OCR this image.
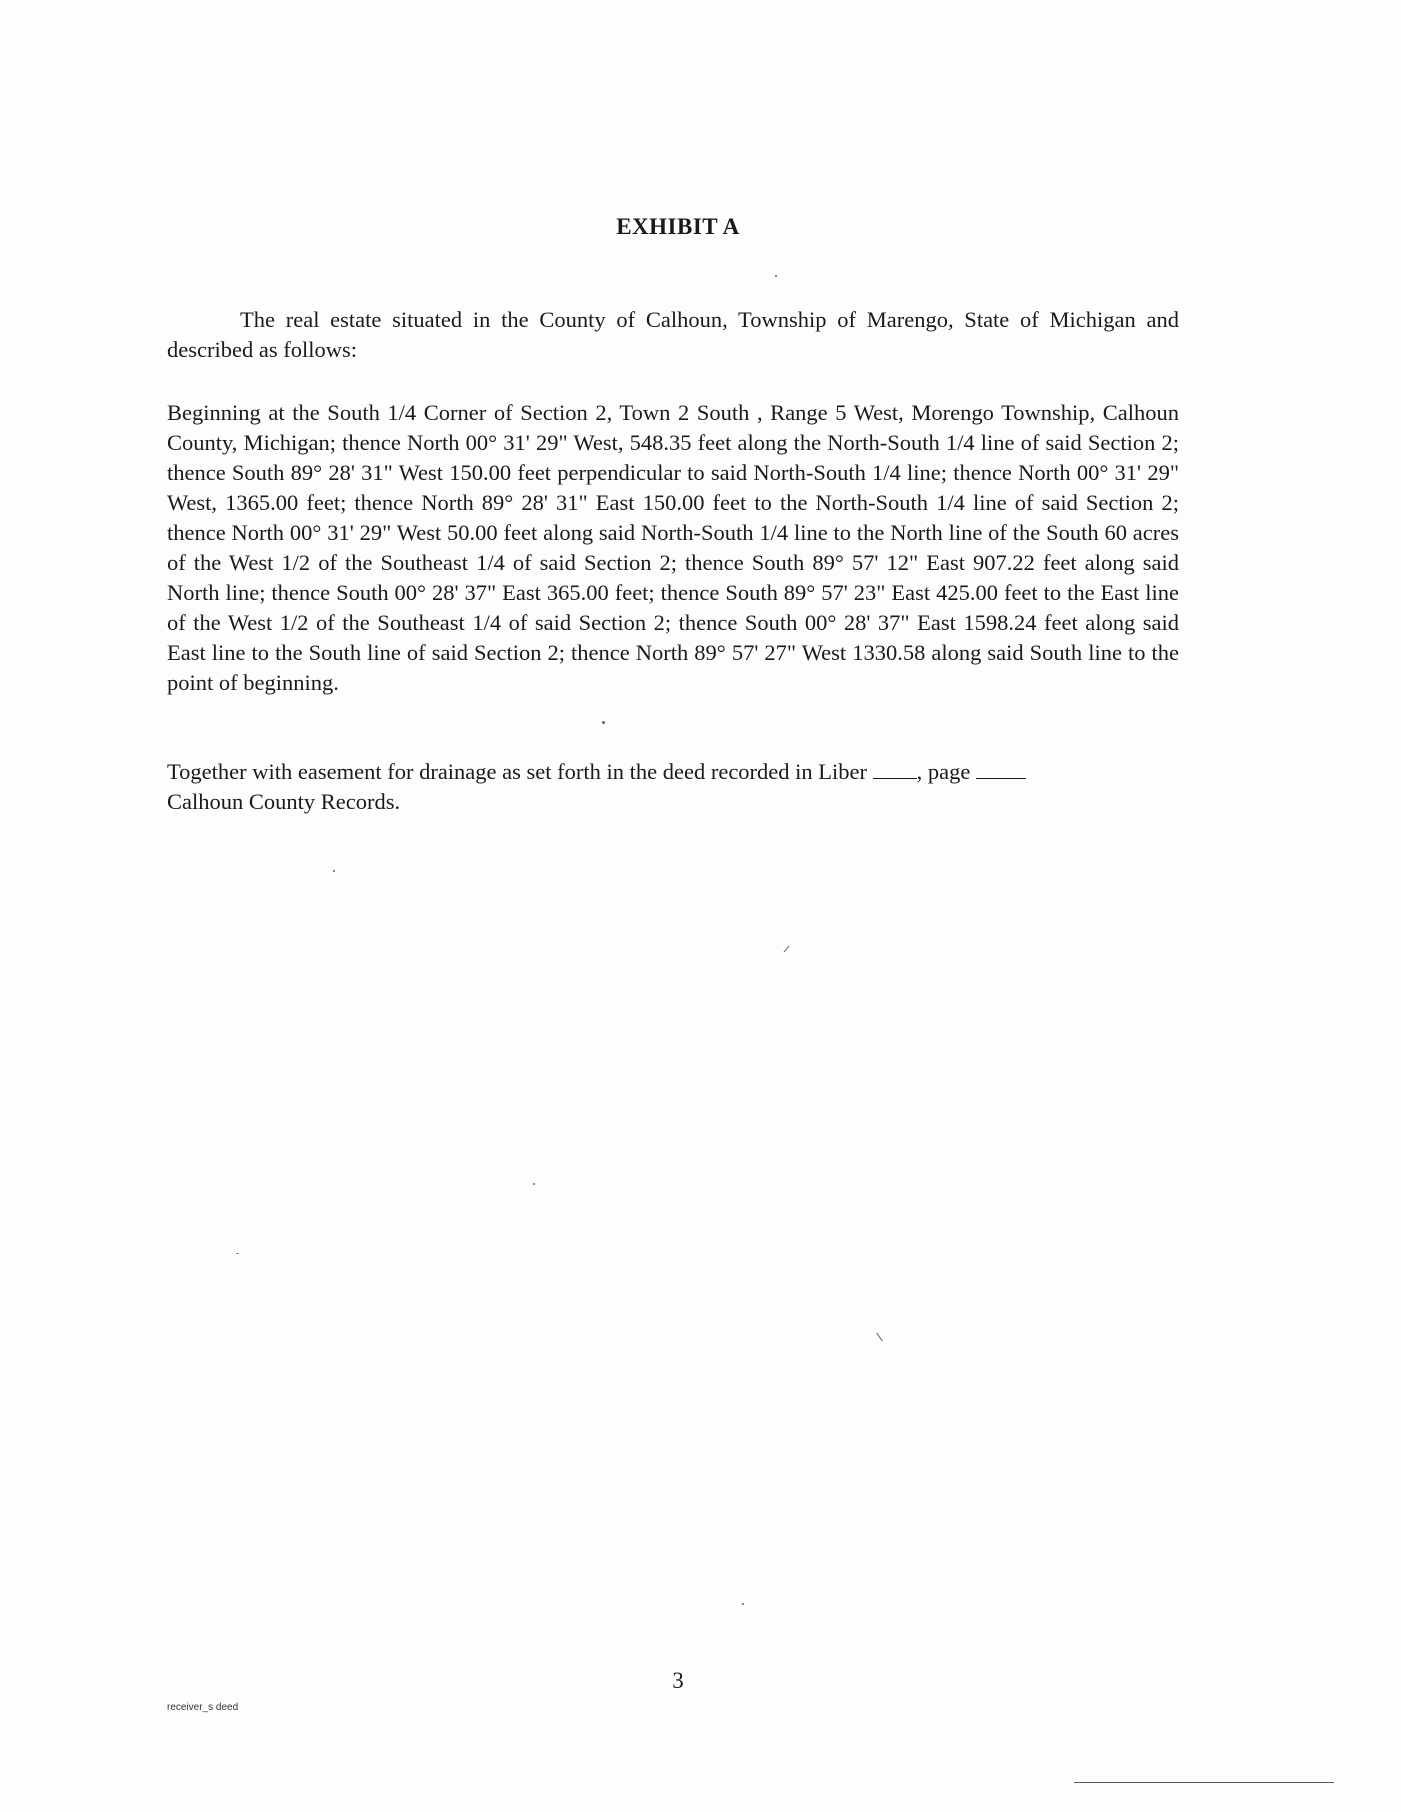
EXHIBIT A

The real estate situated in the County of Calhoun, Township of Marengo, State of Michigan and described as follows:

Beginning at the South 1/4 Corner of Section 2, Town 2 South , Range 5 West, Morengo Township, Calhoun County, Michigan; thence North 00° 31' 29" West, 548.35 feet along the North-South 1/4 line of said Section 2; thence South 89° 28' 31" West 150.00 feet perpendicular to said North-South 1/4 line; thence North 00° 31' 29" West, 1365.00 feet; thence North 89° 28' 31" East 150.00 feet to the North-South 1/4 line of said Section 2; thence North 00° 31' 29" West 50.00 feet along said North-South 1/4 line to the North line of the South 60 acres of the West 1/2 of the Southeast 1/4 of said Section 2; thence South 89° 57' 12" East 907.22 feet along said North line; thence South 00° 28' 37" East 365.00 feet; thence South 89° 57' 23" East 425.00 feet to the East line of the West 1/2 of the Southeast 1/4 of said Section 2; thence South 00° 28' 37" East 1598.24 feet along said East line to the South line of said Section 2; thence North 89° 57' 27" West 1330.58 along said South line to the point of beginning.

Together with easement for drainage as set forth in the deed recorded in Liber , page
Calhoun County Records.

3
receiver_s deed
